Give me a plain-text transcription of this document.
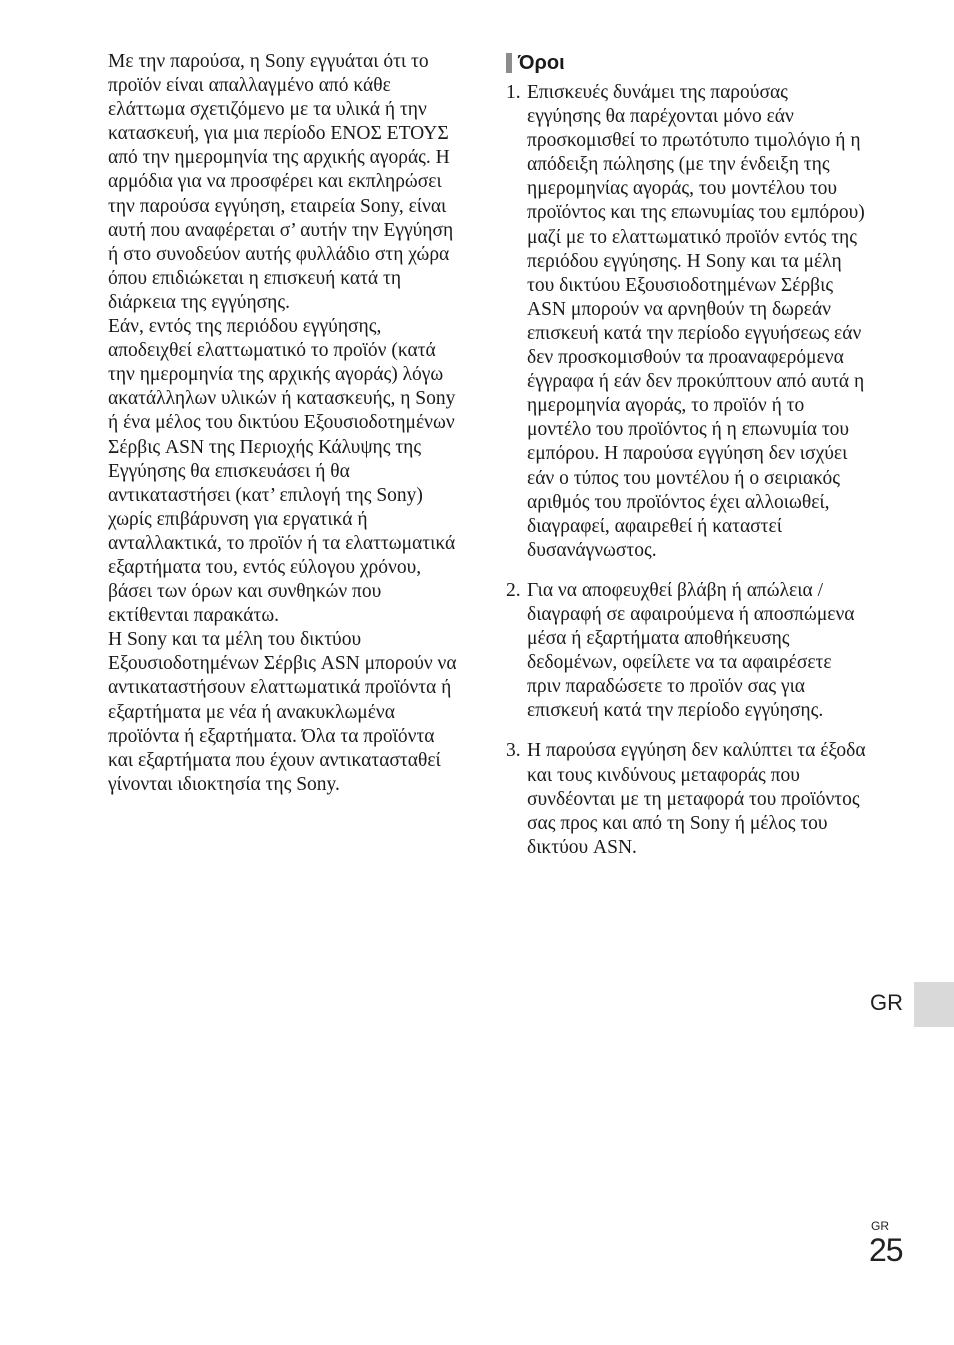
Με την παρούσα, η Sony εγγυάται ότι το προϊόν είναι απαλλαγμένο από κάθε ελάττωμα σχετιζόμενο με τα υλικά ή την κατασκευή, για μια περίοδο ΕΝΟΣ ΕΤΟΥΣ από την ημερομηνία της αρχικής αγοράς. Η αρμόδια για να προσφέρει και εκπληρώσει την παρούσα εγγύηση, εταιρεία Sony, είναι αυτή που αναφέρεται σ’ αυτήν την Εγγύηση ή στο συνοδεύον αυτής φυλλάδιο στη χώρα όπου επιδιώκεται η επισκευή κατά τη διάρκεια της εγγύησης.

Εάν, εντός της περιόδου εγγύησης, αποδειχθεί ελαττωματικό το προϊόν (κατά την ημερομηνία της αρχικής αγοράς) λόγω ακατάλληλων υλικών ή κατασκευής, η Sony ή ένα μέλος του δικτύου Εξουσιοδοτημένων Σέρβις ASN της Περιοχής Κάλυψης της Εγγύησης θα επισκευάσει ή θα αντικαταστήσει (κατ’ επιλογή της Sony) χωρίς επιβάρυνση για εργατικά ή ανταλλακτικά, το προϊόν ή τα ελαττωματικά εξαρτήματα του, εντός εύλογου χρόνου, βάσει των όρων και συνθηκών που εκτίθενται παρακάτω.

Η Sony και τα μέλη του δικτύου Εξουσιοδοτημένων Σέρβις ASN μπορούν να αντικαταστήσουν ελαττωματικά προϊόντα ή εξαρτήματα με νέα ή ανακυκλωμένα προϊόντα ή εξαρτήματα. Όλα τα προϊόντα και εξαρτήματα που έχουν αντικατασταθεί γίνονται ιδιοκτησία της Sony.

Όροι
1. Επισκευές δυνάμει της παρούσας εγγύησης θα παρέχονται μόνο εάν προσκομισθεί το πρωτότυπο τιμολόγιο ή η απόδειξη πώλησης (με την ένδειξη της ημερομηνίας αγοράς, του μοντέλου του προϊόντος και της επωνυμίας του εμπόρου) μαζί με το ελαττωματικό προϊόν εντός της περιόδου εγγύησης. Η Sony και τα μέλη του δικτύου Εξουσιοδοτημένων Σέρβις ASN μπορούν να αρνηθούν τη δωρεάν επισκευή κατά την περίοδο εγγυήσεως εάν δεν προσκομισθούν τα προαναφερόμενα έγγραφα ή εάν δεν προκύπτουν από αυτά η ημερομηνία αγοράς, το προϊόν ή το μοντέλο του προϊόντος ή η επωνυμία του εμπόρου. Η παρούσα εγγύηση δεν ισχύει εάν ο τύπος του μοντέλου ή ο σειριακός αριθμός του προϊόντος έχει αλλοιωθεί, διαγραφεί, αφαιρεθεί ή καταστεί δυσανάγνωστος.
2. Για να αποφευχθεί βλάβη ή απώλεια / διαγραφή σε αφαιρούμενα ή αποσπώμενα μέσα ή εξαρτήματα αποθήκευσης δεδομένων, οφείλετε να τα αφαιρέσετε πριν παραδώσετε το προϊόν σας για επισκευή κατά την περίοδο εγγύησης.
3. Η παρούσα εγγύηση δεν καλύπτει τα έξοδα και τους κινδύνους μεταφοράς που συνδέονται με τη μεταφορά του προϊόντος σας προς και από τη Sony ή μέλος του δικτύου ASN.
GR
GR
25
